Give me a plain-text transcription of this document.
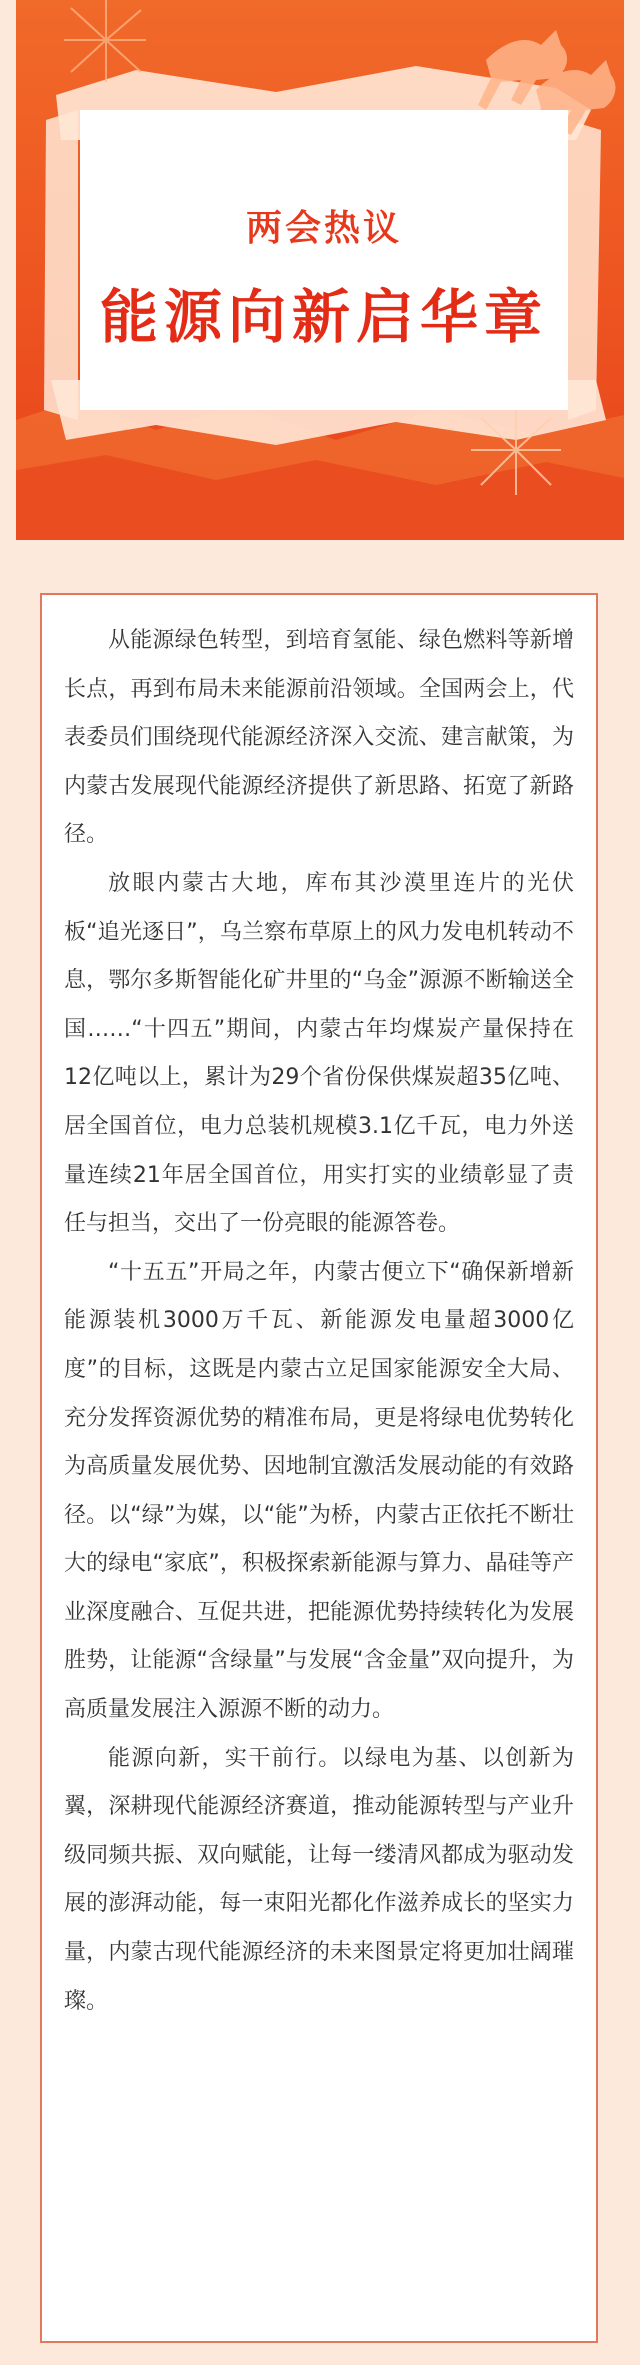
两会热议
能源向新启华章

从能源绿色转型，到培育氢能、绿色燃料等新增长点，再到布局未来能源前沿领域。全国两会上，代表委员们围绕现代能源经济深入交流、建言献策，为内蒙古发展现代能源经济提供了新思路、拓宽了新路径。

放眼内蒙古大地，库布其沙漠里连片的光伏板“追光逐日”，乌兰察布草原上的风力发电机转动不息，鄂尔多斯智能化矿井里的“乌金”源源不断输送全国……“十四五”期间，内蒙古年均煤炭产量保持在12亿吨以上，累计为29个省份保供煤炭超35亿吨、居全国首位，电力总装机规模3.1亿千瓦，电力外送量连续21年居全国首位，用实打实的业绩彰显了责任与担当，交出了一份亮眼的能源答卷。

“十五五”开局之年，内蒙古便立下“确保新增新能源装机3000万千瓦、新能源发电量超3000亿度”的目标，这既是内蒙古立足国家能源安全大局、充分发挥资源优势的精准布局，更是将绿电优势转化为高质量发展优势、因地制宜激活发展动能的有效路径。以“绿”为媒，以“能”为桥，内蒙古正依托不断壮大的绿电“家底”，积极探索新能源与算力、晶硅等产业深度融合、互促共进，把能源优势持续转化为发展胜势，让能源“含绿量”与发展“含金量”双向提升，为高质量发展注入源源不断的动力。

能源向新，实干前行。以绿电为基、以创新为翼，深耕现代能源经济赛道，推动能源转型与产业升级同频共振、双向赋能，让每一缕清风都成为驱动发展的澎湃动能，每一束阳光都化作滋养成长的坚实力量，内蒙古现代能源经济的未来图景定将更加壮阔璀璨。
